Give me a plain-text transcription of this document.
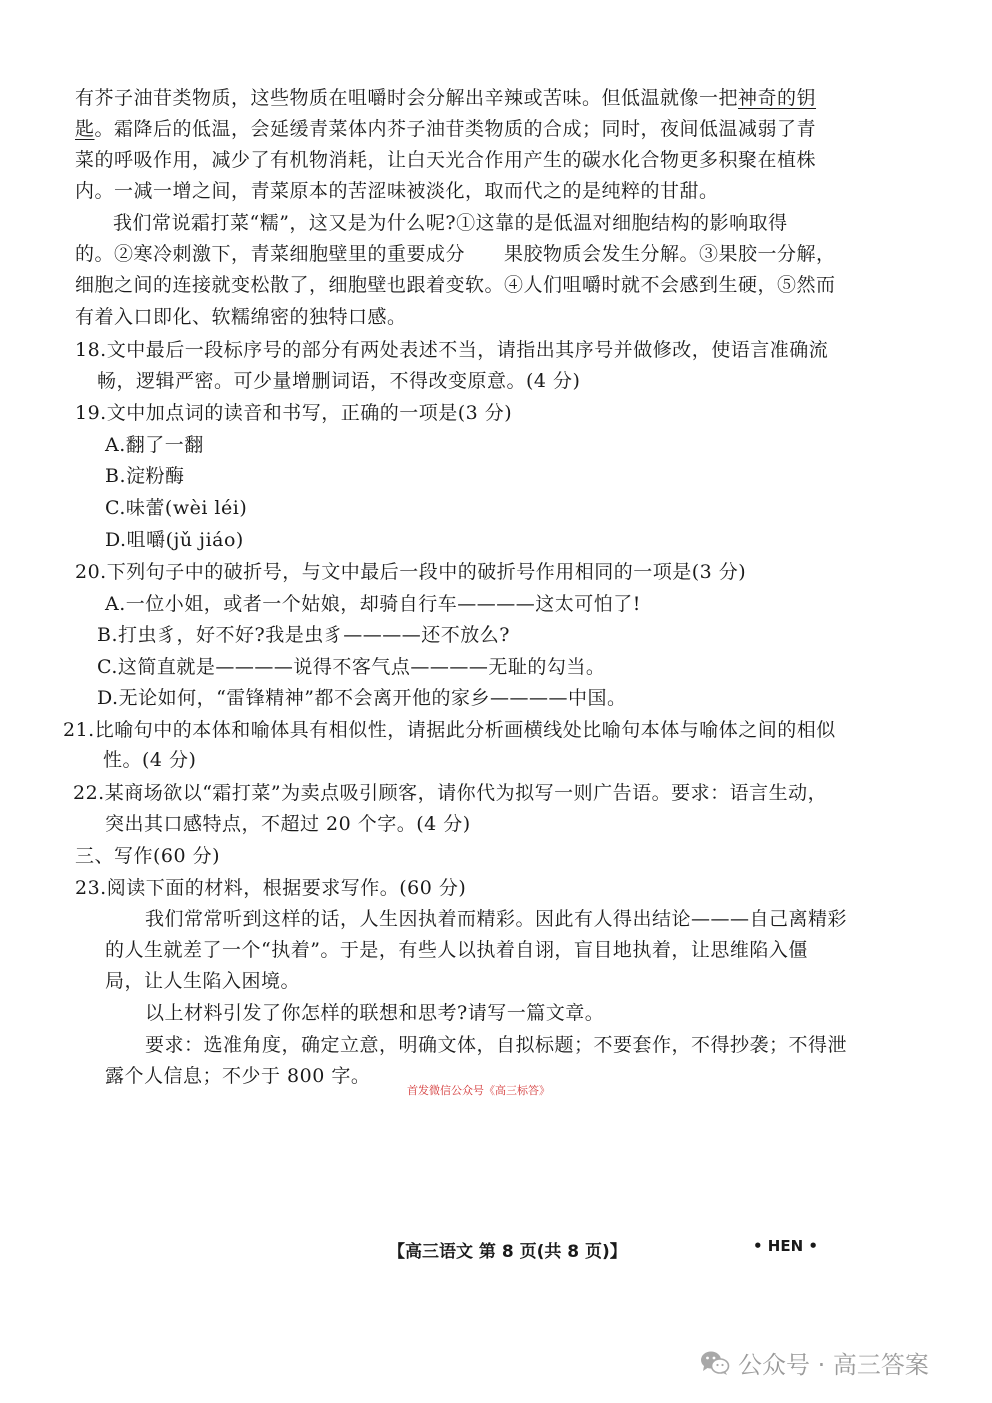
有芥子油苷类物质，这些物质在咀嚼时会分解出辛辣或苦味。但低温就像一把神奇的钥
匙。霜降后的低温，会延缓青菜体内芥子油苷类物质的合成；同时，夜间低温减弱了青
菜的呼吸作用，减少了有机物消耗，让白天光合作用产生的碳水化合物更多积聚在植株
内。一减一增之间，青菜原本的苦涩味被淡化，取而代之的是纯粹的甘甜。
我们常说霜打菜“糯”，这又是为什么呢?①这靠的是低温对细胞结构的影响取得
的。②寒冷刺激下，青菜细胞壁里的重要成分　　果胶物质会发生分解。③果胶一分解，
细胞之间的连接就变松散了，细胞壁也跟着变软。④人们咀嚼时就不会感到生硬，⑤然而
有着入口即化、软糯绵密的独特口感。
18.文中最后一段标序号的部分有两处表述不当，请指出其序号并做修改，使语言准确流
畅，逻辑严密。可少量增删词语，不得改变原意。(4 分)
19.文中加点词的读音和书写，正确的一项是(3 分)
A.翻了一翻
B.淀粉酶
C.味蕾(wèi léi)
D.咀嚼(jǔ jiáo)
20.下列句子中的破折号，与文中最后一段中的破折号作用相同的一项是(3 分)
A.一位小姐，或者一个姑娘，却骑自行车————这太可怕了!
B.打虫豸，好不好?我是虫豸————还不放么?
C.这简直就是————说得不客气点————无耻的勾当。
D.无论如何，“雷锋精神”都不会离开他的家乡————中国。
21.比喻句中的本体和喻体具有相似性，请据此分析画横线处比喻句本体与喻体之间的相似
性。(4 分)
22.某商场欲以“霜打菜”为卖点吸引顾客，请你代为拟写一则广告语。要求：语言生动，
突出其口感特点，不超过 20 个字。(4 分)
三、写作(60 分)
23.阅读下面的材料，根据要求写作。(60 分)
我们常常听到这样的话，人生因执着而精彩。因此有人得出结论———自己离精彩
的人生就差了一个“执着”。于是，有些人以执着自诩，盲目地执着，让思维陷入僵
局，让人生陷入困境。
以上材料引发了你怎样的联想和思考?请写一篇文章。
要求：选准角度，确定立意，明确文体，自拟标题；不要套作，不得抄袭；不得泄
露个人信息；不少于 800 字。
首发微信公众号《高三标答》
【高三语文 第 8 页(共 8 页)】	• HEN •
公众号 · 高三答案
